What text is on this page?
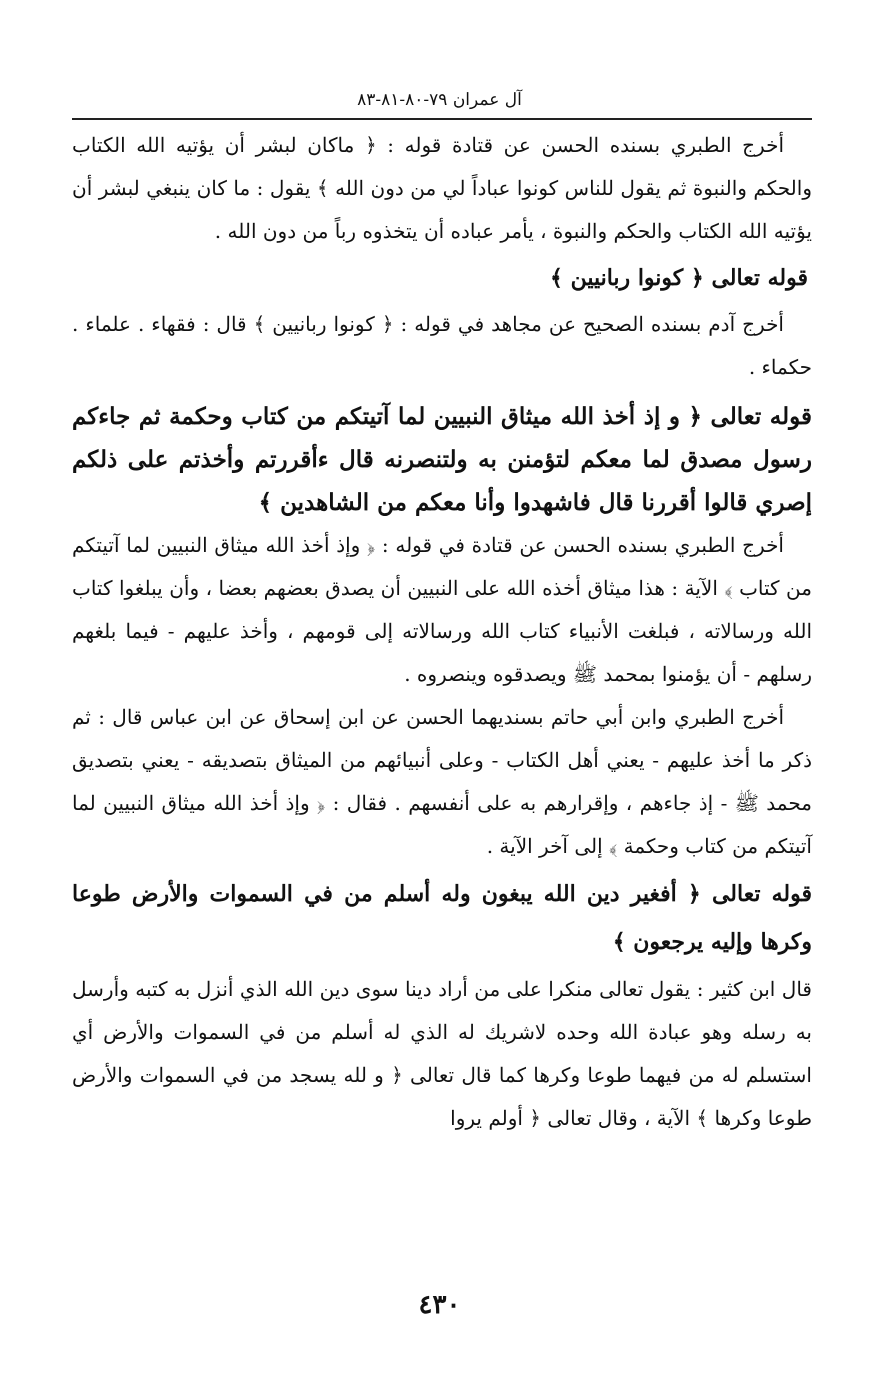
آل عمران ٧٩-٨٠-٨١-٨٣

أخرج الطبري بسنده الحسن عن قتادة قوله : ﴿ ماكان لبشر أن يؤتيه الله الكتاب والحكم والنبوة ثم يقول للناس كونوا عباداً لي من دون الله ﴾ يقول : ما كان ينبغي لبشر أن يؤتيه الله الكتاب والحكم والنبوة ، يأمر عباده أن يتخذوه رباً من دون الله .

قوله تعالى ﴿ كونوا ربانيين ﴾

أخرج آدم بسنده الصحيح عن مجاهد في قوله : ﴿ كونوا ربانيين ﴾ قال : فقهاء . علماء . حكماء .

قوله تعالى ﴿ و إذ أخذ الله ميثاق النبيين لما آتيتكم من كتاب وحكمة ثم جاءكم رسول مصدق لما معكم لتؤمنن به ولتنصرنه قال ءأقررتم وأخذتم على ذلكم إصري قالوا أقررنا قال فاشهدوا وأنا معكم من الشاهدين ﴾

أخرج الطبري بسنده الحسن عن قتادة في قوله : ﴿ وإذ أخذ الله ميثاق النبيين لما آتيتكم من كتاب ﴾ الآية : هذا ميثاق أخذه الله على النبيين أن يصدق بعضهم بعضا ، وأن يبلغوا كتاب الله ورسالاته ، فبلغت الأنبياء كتاب الله ورسالاته إلى قومهم ، وأخذ عليهم - فيما بلغهم رسلهم - أن يؤمنوا بمحمد ﷺ ويصدقوه وينصروه .

أخرج الطبري وابن أبي حاتم بسنديهما الحسن عن ابن إسحاق عن ابن عباس قال : ثم ذكر ما أخذ عليهم - يعني أهل الكتاب - وعلى أنبيائهم من الميثاق بتصديقه - يعني بتصديق محمد ﷺ - إذ جاءهم ، وإقرارهم به على أنفسهم . فقال : ﴿ وإذ أخذ الله ميثاق النبيين لما آتيتكم من كتاب وحكمة ﴾ إلى آخر الآية .

قوله تعالى ﴿ أفغير دين الله يبغون وله أسلم من في السموات والأرض طوعا وكرها وإليه يرجعون ﴾

قال ابن كثير : يقول تعالى منكرا على من أراد دينا سوى دين الله الذي أنزل به كتبه وأرسل به رسله وهو عبادة الله وحده لاشريك له الذي له أسلم من في السموات والأرض أي استسلم له من فيهما طوعا وكرها كما قال تعالى ﴿ و لله يسجد من في السموات والأرض طوعا وكرها ﴾ الآية ، وقال تعالى ﴿ أولم يروا

٤٣٠
